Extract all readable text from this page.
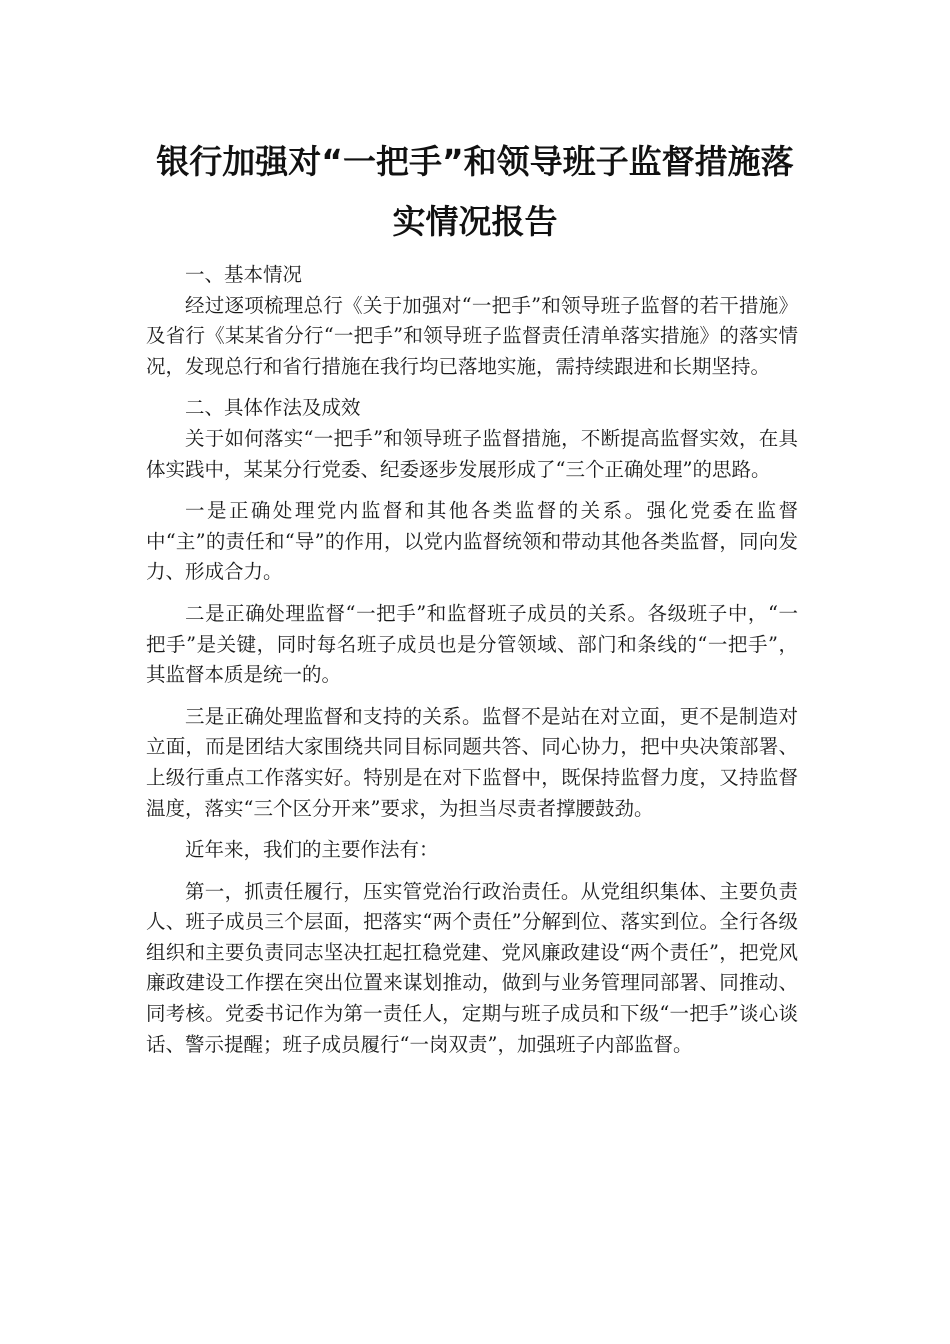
银行加强对“一把手”和领导班子监督措施落实情况报告

一、基本情况

经过逐项梳理总行《关于加强对“一把手”和领导班子监督的若干措施》及省行《某某省分行“一把手”和领导班子监督责任清单落实措施》的落实情况，发现总行和省行措施在我行均已落地实施，需持续跟进和长期坚持。

二、具体作法及成效

关于如何落实“一把手”和领导班子监督措施，不断提高监督实效，在具体实践中，某某分行党委、纪委逐步发展形成了“三个正确处理”的思路。

一是正确处理党内监督和其他各类监督的关系。强化党委在监督中“主”的责任和“导”的作用，以党内监督统领和带动其他各类监督，同向发力、形成合力。

二是正确处理监督“一把手”和监督班子成员的关系。各级班子中，“一把手”是关键，同时每名班子成员也是分管领域、部门和条线的“一把手”，其监督本质是统一的。

三是正确处理监督和支持的关系。监督不是站在对立面，更不是制造对立面，而是团结大家围绕共同目标同题共答、同心协力，把中央决策部署、上级行重点工作落实好。特别是在对下监督中，既保持监督力度，又持监督温度，落实“三个区分开来”要求，为担当尽责者撑腰鼓劲。

近年来，我们的主要作法有：

第一，抓责任履行，压实管党治行政治责任。从党组织集体、主要负责人、班子成员三个层面，把落实“两个责任”分解到位、落实到位。全行各级组织和主要负责同志坚决扛起扛稳党建、党风廉政建设“两个责任”，把党风廉政建设工作摆在突出位置来谋划推动，做到与业务管理同部署、同推动、同考核。党委书记作为第一责任人，定期与班子成员和下级“一把手”谈心谈话、警示提醒；班子成员履行“一岗双责”，加强班子内部监督。
